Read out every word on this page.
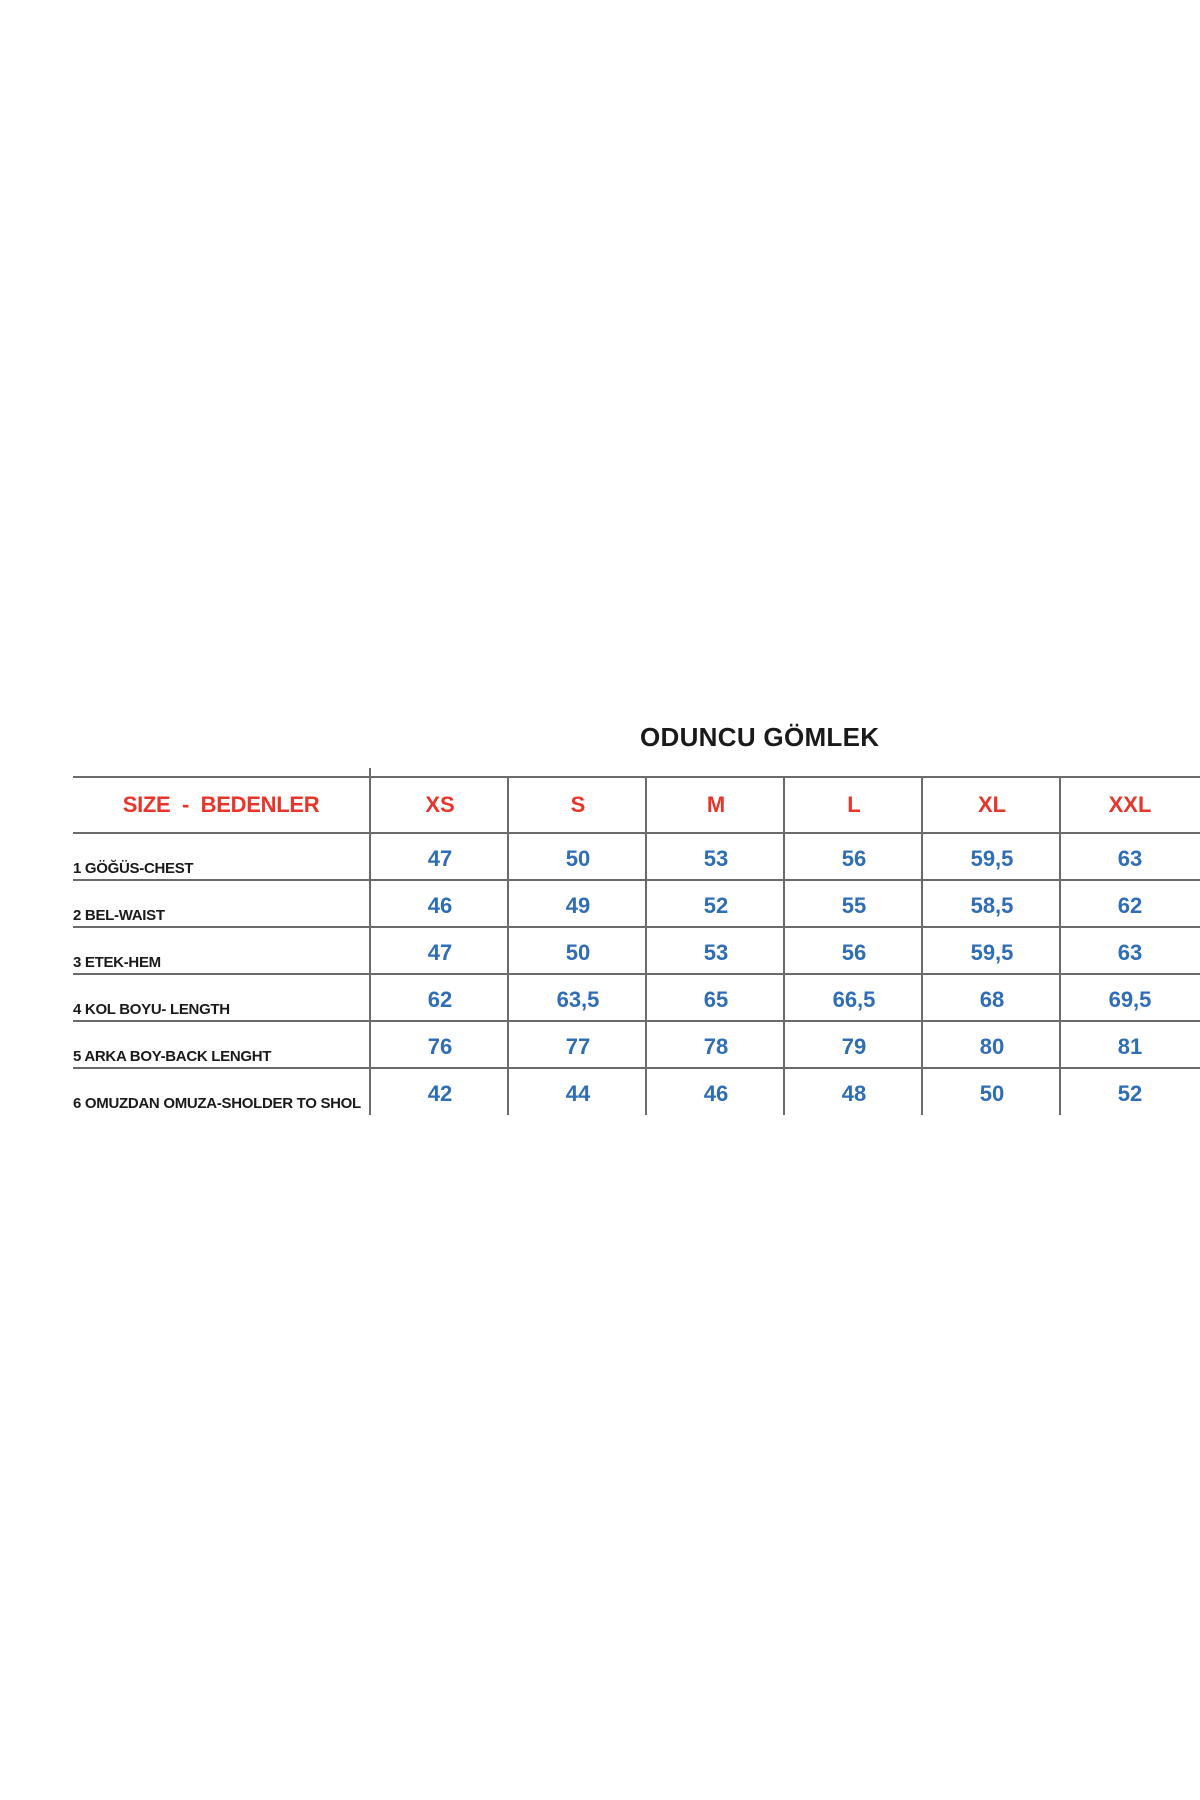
ODUNCU GÖMLEK
SIZE  -  BEDENLER	XS	S	M	L	XL	XXL
1 GÖĞÜS-CHEST	47	50	53	56	59,5	63
2 BEL-WAIST	46	49	52	55	58,5	62
3 ETEK-HEM	47	50	53	56	59,5	63
4 KOL BOYU- LENGTH	62	63,5	65	66,5	68	69,5
5 ARKA BOY-BACK LENGHT	76	77	78	79	80	81
6 OMUZDAN OMUZA-SHOLDER TO SHOL	42	44	46	48	50	52
